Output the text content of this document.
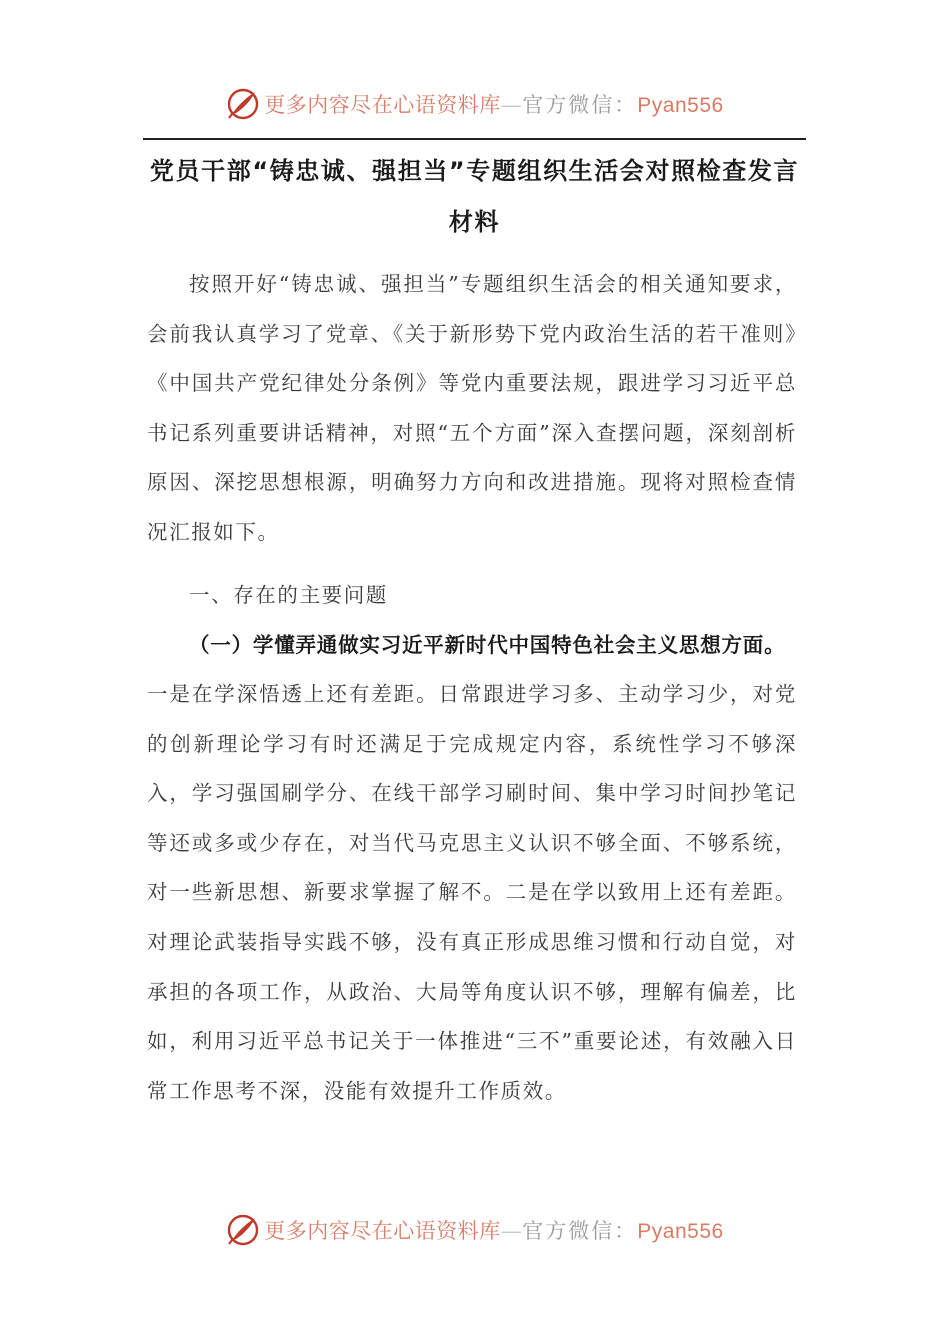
更多内容尽在心语资料库—官方微信：Pyan556
党员干部“铸忠诚、强担当”专题组织生活会对照检查发言材料
按照开好“铸忠诚、强担当”专题组织生活会的相关通知要求，会前我认真学习了党章、《关于新形势下党内政治生活的若干准则》《中国共产党纪律处分条例》等党内重要法规，跟进学习习近平总书记系列重要讲话精神，对照“五个方面”深入查摆问题，深刻剖析原因、深挖思想根源，明确努力方向和改进措施。现将对照检查情况汇报如下。
一、存在的主要问题
（一）学懂弄通做实习近平新时代中国特色社会主义思想方面。
一是在学深悟透上还有差距。日常跟进学习多、主动学习少，对党的创新理论学习有时还满足于完成规定内容，系统性学习不够深入，学习强国刷学分、在线干部学习刷时间、集中学习时间抄笔记等还或多或少存在，对当代马克思主义认识不够全面、不够系统，对一些新思想、新要求掌握了解不。二是在学以致用上还有差距。对理论武装指导实践不够，没有真正形成思维习惯和行动自觉，对承担的各项工作，从政治、大局等角度认识不够，理解有偏差，比如，利用习近平总书记关于一体推进“三不”重要论述，有效融入日常工作思考不深，没能有效提升工作质效。
更多内容尽在心语资料库—官方微信：Pyan556
